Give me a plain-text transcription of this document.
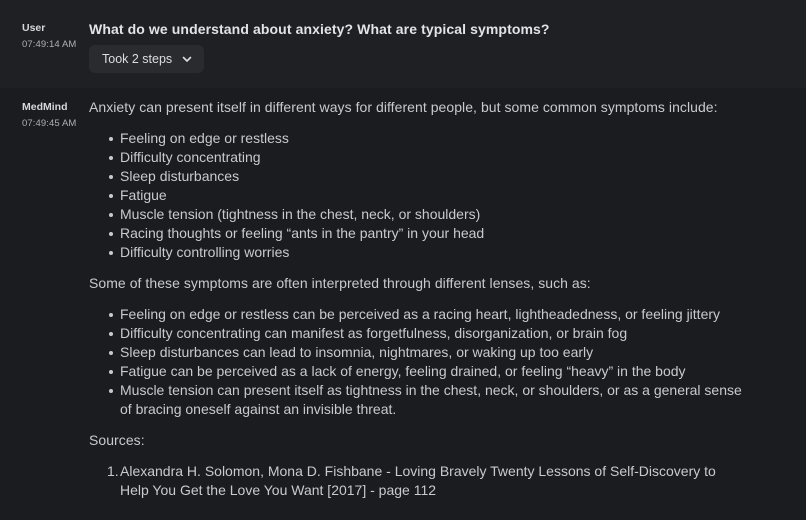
User
07:49:14 AM
What do we understand about anxiety? What are typical symptoms?
Took 2 steps
MedMind
07:49:45 AM

Anxiety can present itself in different ways for different people, but some common symptoms include:

Feeling on edge or restless
Difficulty concentrating
Sleep disturbances
Fatigue
Muscle tension (tightness in the chest, neck, or shoulders)
Racing thoughts or feeling “ants in the pantry” in your head
Difficulty controlling worries

Some of these symptoms are often interpreted through different lenses, such as:

Feeling on edge or restless can be perceived as a racing heart, lightheadedness, or feeling jittery
Difficulty concentrating can manifest as forgetfulness, disorganization, or brain fog
Sleep disturbances can lead to insomnia, nightmares, or waking up too early
Fatigue can be perceived as a lack of energy, feeling drained, or feeling “heavy” in the body
Muscle tension can present itself as tightness in the chest, neck, or shoulders, or as a general sense of bracing oneself against an invisible threat.

Sources:

1. Alexandra H. Solomon, Mona D. Fishbane - Loving Bravely Twenty Lessons of Self-Discovery to Help You Get the Love You Want [2017] - page 112
